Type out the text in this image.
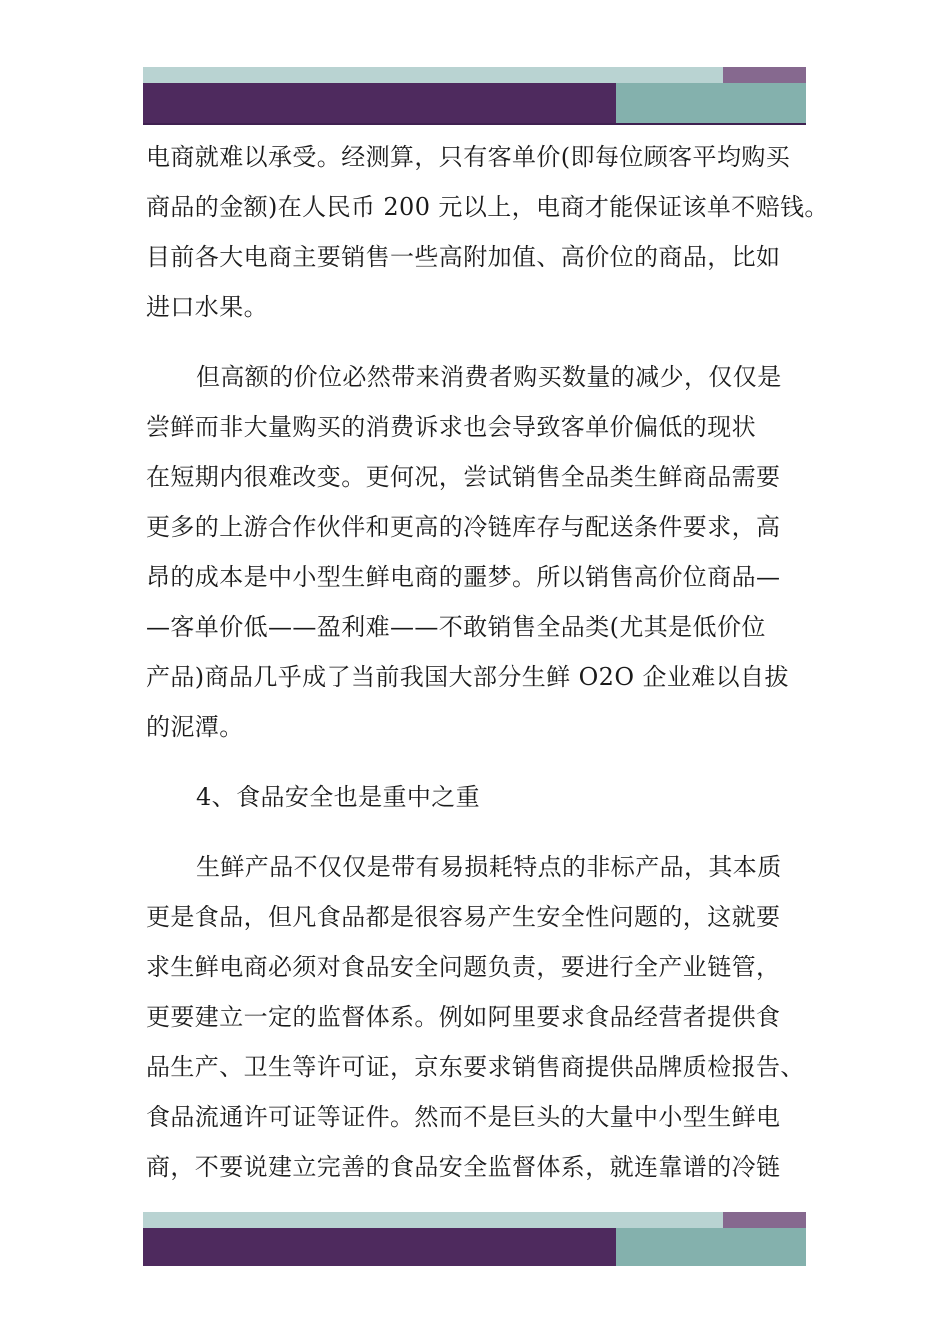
电商就难以承受。经测算，只有客单价(即每位顾客平均购买
商品的金额)在人民币 200 元以上，电商才能保证该单不赔钱。
目前各大电商主要销售一些高附加值、高价位的商品，比如
进口水果。
但高额的价位必然带来消费者购买数量的减少，仅仅是
尝鲜而非大量购买的消费诉求也会导致客单价偏低的现状
在短期内很难改变。更何况，尝试销售全品类生鲜商品需要
更多的上游合作伙伴和更高的冷链库存与配送条件要求，高
昂的成本是中小型生鲜电商的噩梦。所以销售高价位商品—
—客单价低——盈利难——不敢销售全品类(尤其是低价位
产品)商品几乎成了当前我国大部分生鲜 O2O 企业难以自拔
的泥潭。
4、食品安全也是重中之重
生鲜产品不仅仅是带有易损耗特点的非标产品，其本质
更是食品，但凡食品都是很容易产生安全性问题的，这就要
求生鲜电商必须对食品安全问题负责，要进行全产业链管，
更要建立一定的监督体系。例如阿里要求食品经营者提供食
品生产、卫生等许可证，京东要求销售商提供品牌质检报告、
食品流通许可证等证件。然而不是巨头的大量中小型生鲜电
商，不要说建立完善的食品安全监督体系，就连靠谱的冷链
